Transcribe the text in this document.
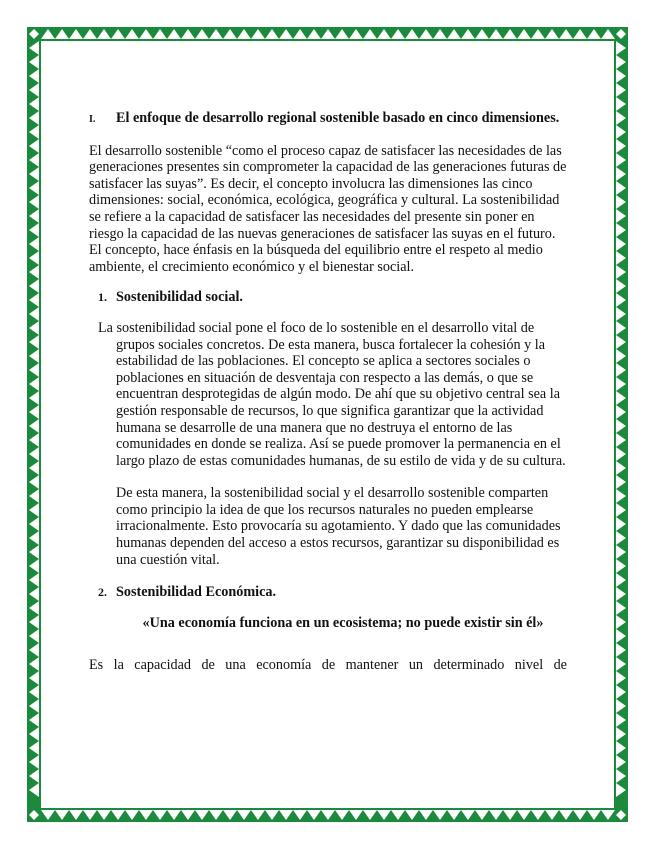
I.	El enfoque de desarrollo regional sostenible basado en cinco dimensiones.

El desarrollo sostenible “como el proceso capaz de satisfacer las necesidades de las generaciones presentes sin comprometer la capacidad de las generaciones futuras de satisfacer las suyas”. Es decir, el concepto involucra las dimensiones las cinco dimensiones: social, económica, ecológica, geográfica y cultural. La sostenibilidad se refiere a la capacidad de satisfacer las necesidades del presente sin poner en riesgo la capacidad de las nuevas generaciones de satisfacer las suyas en el futuro. El concepto, hace énfasis en la búsqueda del equilibrio entre el respeto al medio ambiente, el crecimiento económico y el bienestar social.

1. Sostenibilidad social.

La sostenibilidad social pone el foco de lo sostenible en el desarrollo vital de grupos sociales concretos. De esta manera, busca fortalecer la cohesión y la estabilidad de las poblaciones. El concepto se aplica a sectores sociales o poblaciones en situación de desventaja con respecto a las demás, o que se encuentran desprotegidas de algún modo. De ahí que su objetivo central sea la gestión responsable de recursos, lo que significa garantizar que la actividad humana se desarrolle de una manera que no destruya el entorno de las comunidades en donde se realiza. Así se puede promover la permanencia en el largo plazo de estas comunidades humanas, de su estilo de vida y de su cultura.

De esta manera, la sostenibilidad social y el desarrollo sostenible comparten como principio la idea de que los recursos naturales no pueden emplearse irracionalmente. Esto provocaría su agotamiento. Y dado que las comunidades humanas dependen del acceso a estos recursos, garantizar su disponibilidad es una cuestión vital.

2. Sostenibilidad Económica.

«Una economía funciona en un ecosistema; no puede existir sin él»

Es la capacidad de una economía de mantener un determinado nivel de
